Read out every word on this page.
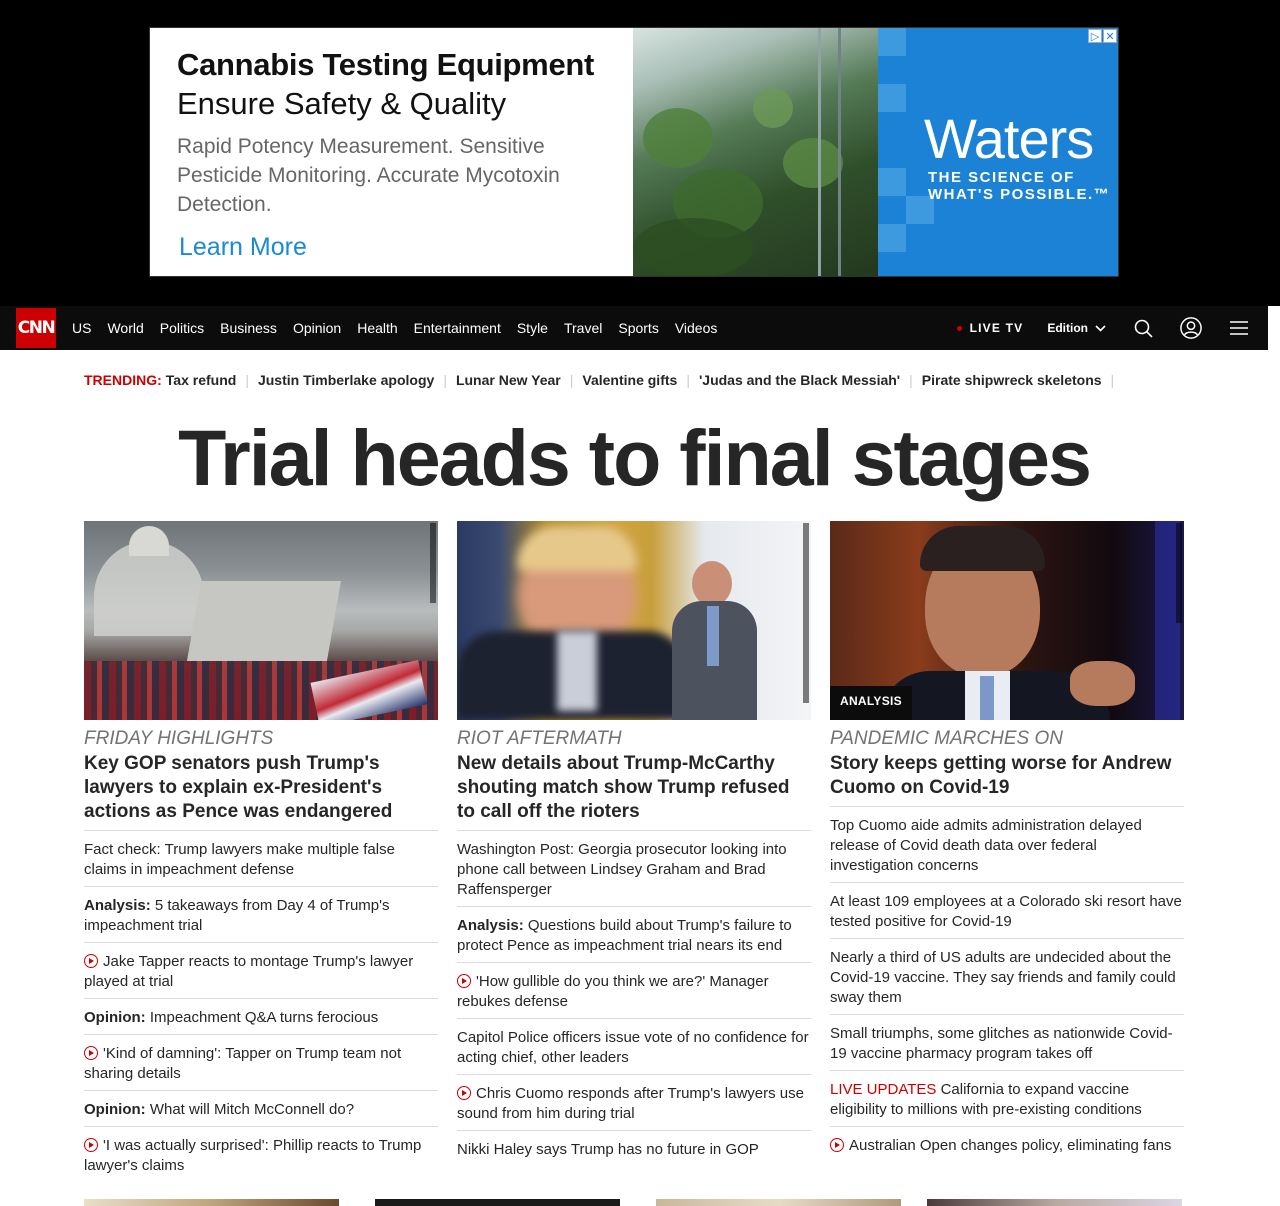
Cannabis Testing Equipment
Ensure Safety & Quality
Rapid Potency Measurement. Sensitive Pesticide Monitoring. Accurate Mycotoxin Detection.
Learn More
Waters
THE SCIENCE OF WHAT'S POSSIBLE.™
▷ ✕
CNN US World Politics Business Opinion Health Entertainment Style Travel Sports Videos	LIVE TV Edition
TRENDING: Tax refund | Justin Timberlake apology | Lunar New Year | Valentine gifts | 'Judas and the Black Messiah' | Pirate shipwreck skeletons |
Trial heads to final stages
FRIDAY HIGHLIGHTS
Key GOP senators push Trump's lawyers to explain ex-President's actions as Pence was endangered
Fact check: Trump lawyers make multiple false claims in impeachment defense
Analysis: 5 takeaways from Day 4 of Trump's impeachment trial
Jake Tapper reacts to montage Trump's lawyer played at trial
Opinion: Impeachment Q&A turns ferocious
'Kind of damning': Tapper on Trump team not sharing details
Opinion: What will Mitch McConnell do?
'I was actually surprised': Phillip reacts to Trump lawyer's claims
RIOT AFTERMATH
New details about Trump-McCarthy shouting match show Trump refused to call off the rioters
Washington Post: Georgia prosecutor looking into phone call between Lindsey Graham and Brad Raffensperger
Analysis: Questions build about Trump's failure to protect Pence as impeachment trial nears its end
'How gullible do you think we are?' Manager rebukes defense
Capitol Police officers issue vote of no confidence for acting chief, other leaders
Chris Cuomo responds after Trump's lawyers use sound from him during trial
Nikki Haley says Trump has no future in GOP
ANALYSIS
PANDEMIC MARCHES ON
Story keeps getting worse for Andrew Cuomo on Covid-19
Top Cuomo aide admits administration delayed release of Covid death data over federal investigation concerns
At least 109 employees at a Colorado ski resort have tested positive for Covid-19
Nearly a third of US adults are undecided about the Covid-19 vaccine. They say friends and family could sway them
Small triumphs, some glitches as nationwide Covid-19 vaccine pharmacy program takes off
LIVE UPDATES California to expand vaccine eligibility to millions with pre-existing conditions
Australian Open changes policy, eliminating fans
